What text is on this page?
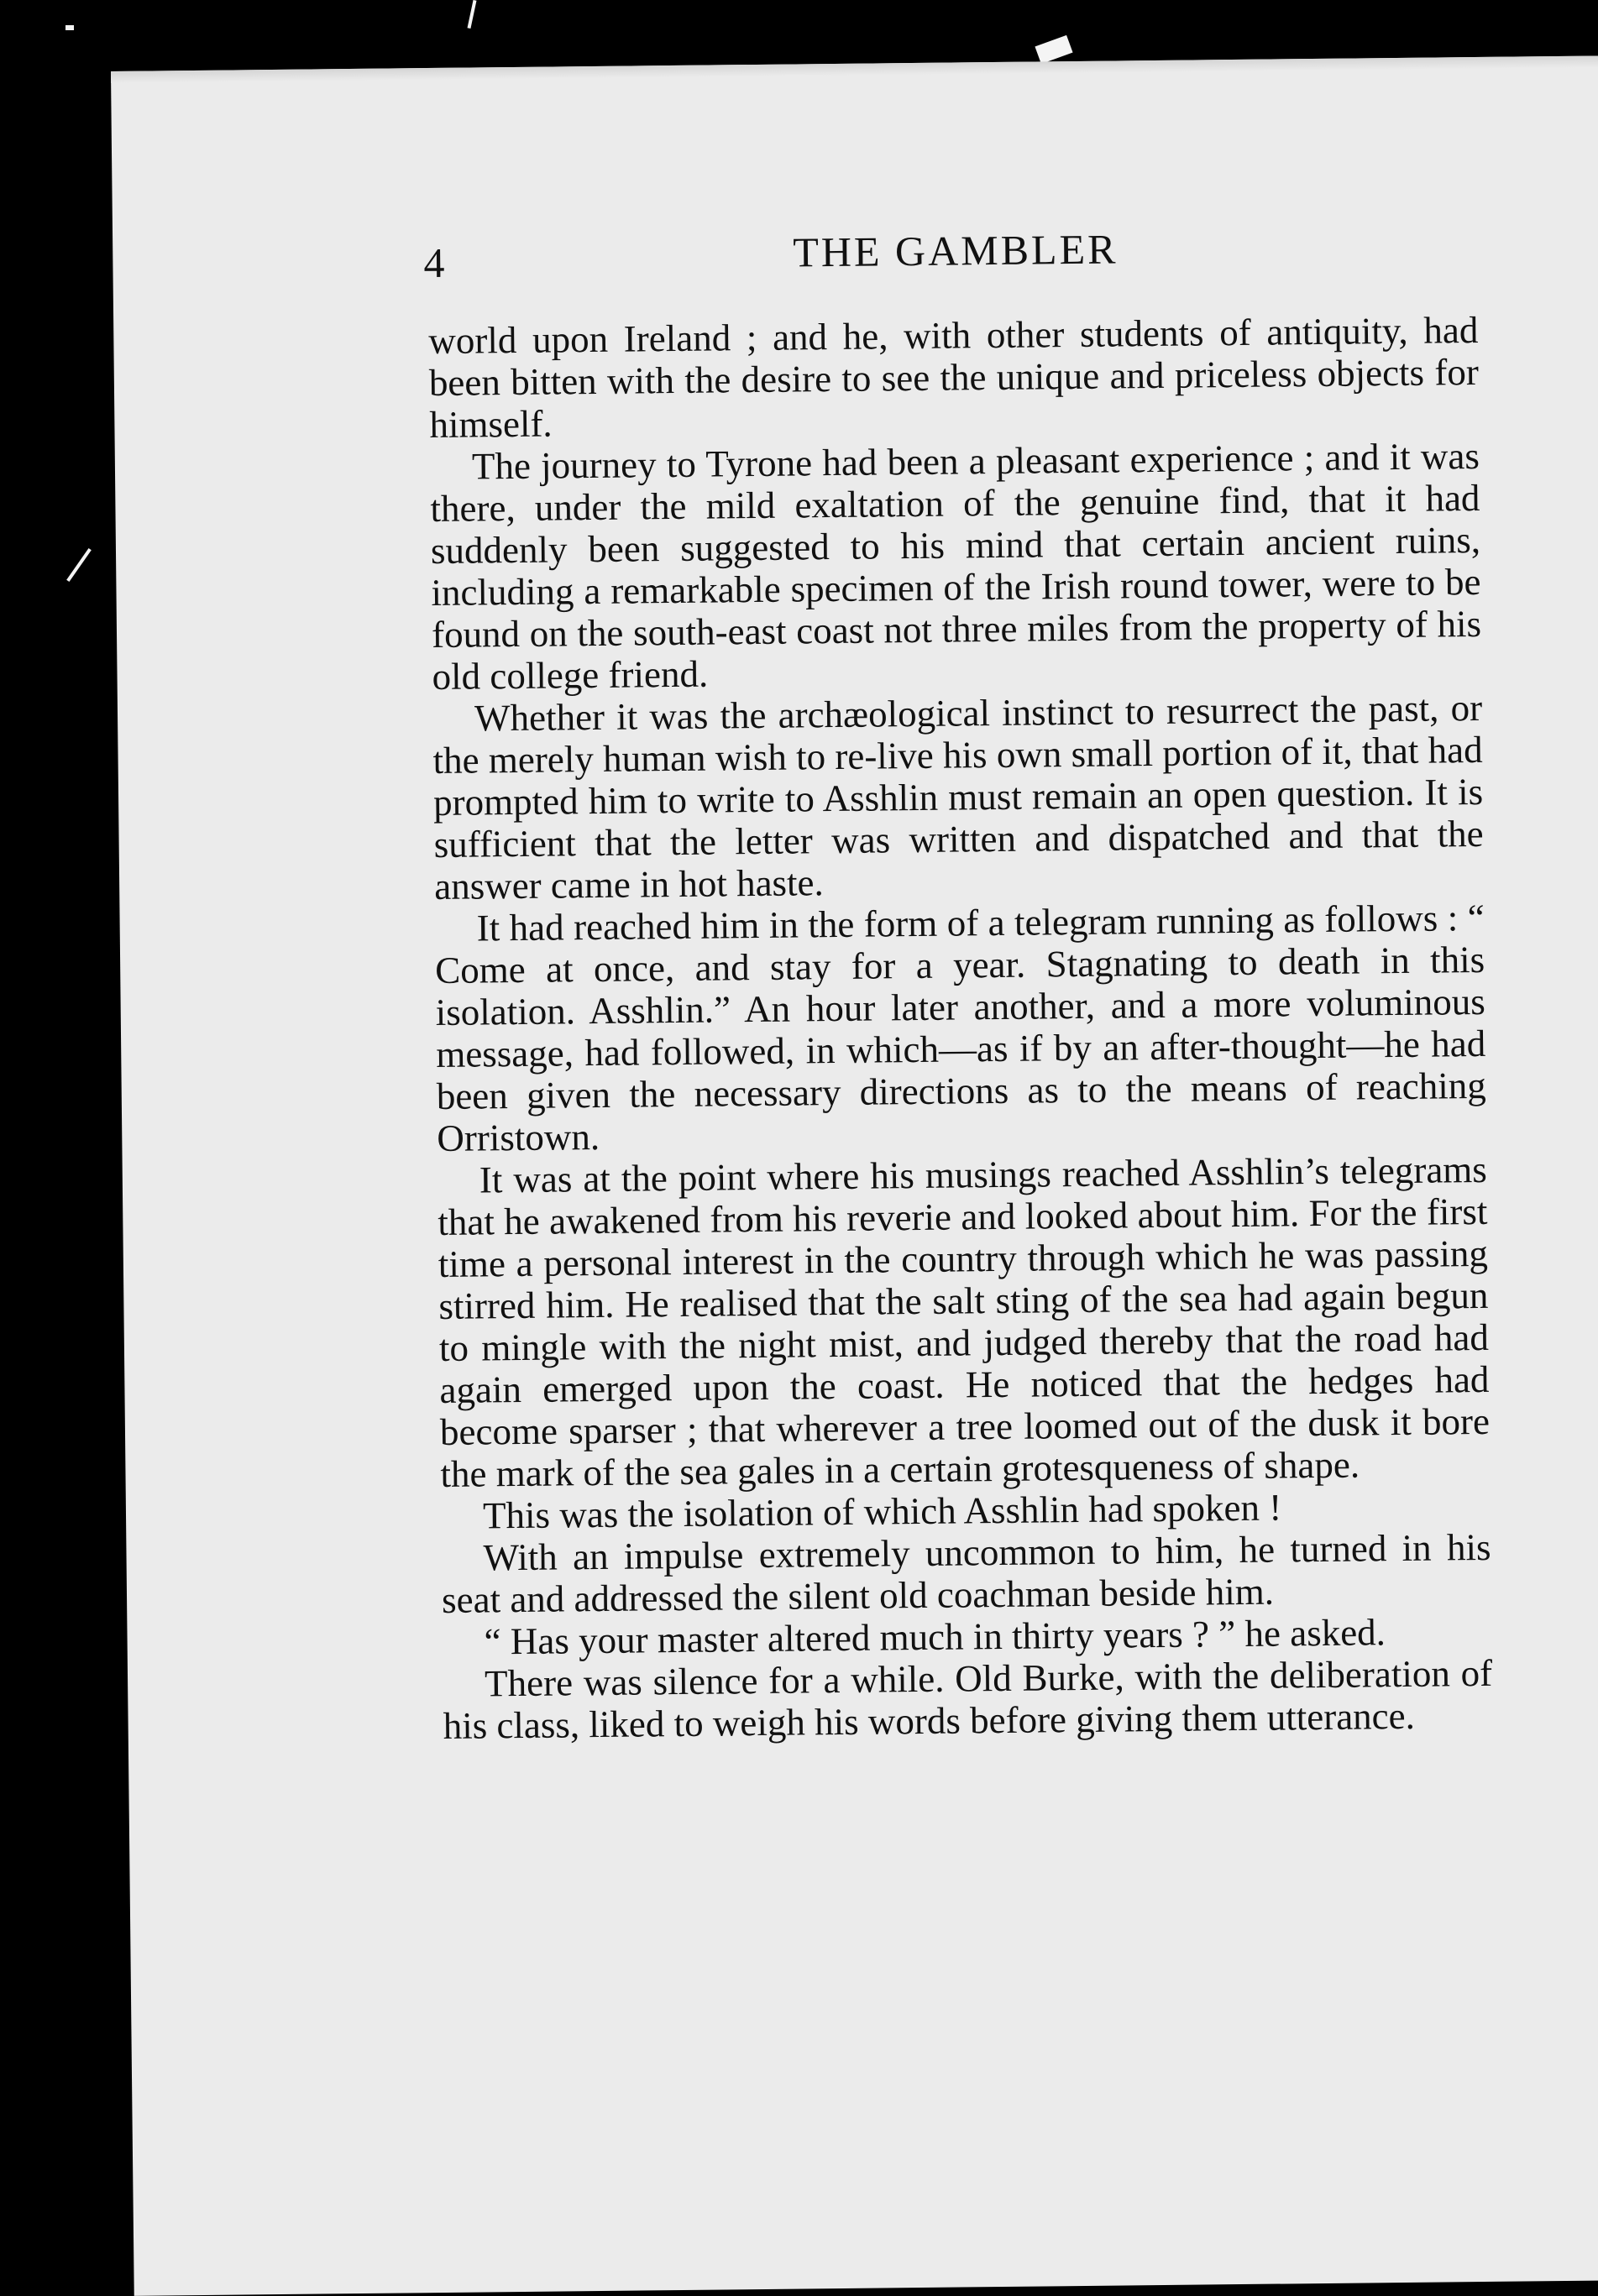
4	THE GAMBLER

world upon Ireland ; and he, with other students of antiquity, had been bitten with the desire to see the unique and priceless objects for himself.

The journey to Tyrone had been a pleasant experience ; and it was there, under the mild exaltation of the genuine find, that it had suddenly been suggested to his mind that certain ancient ruins, including a remarkable specimen of the Irish round tower, were to be found on the south-east coast not three miles from the property of his old college friend.

Whether it was the archæological instinct to resurrect the past, or the merely human wish to re-live his own small portion of it, that had prompted him to write to Asshlin must remain an open question. It is sufficient that the letter was written and dispatched and that the answer came in hot haste.

It had reached him in the form of a telegram running as follows : “ Come at once, and stay for a year. Stagnating to death in this isolation. Asshlin.” An hour later another, and a more voluminous message, had followed, in which—as if by an after-thought—he had been given the necessary directions as to the means of reaching Orristown.

It was at the point where his musings reached Asshlin’s telegrams that he awakened from his reverie and looked about him. For the first time a personal interest in the country through which he was passing stirred him. He realised that the salt sting of the sea had again begun to mingle with the night mist, and judged thereby that the road had again emerged upon the coast. He noticed that the hedges had become sparser ; that wherever a tree loomed out of the dusk it bore the mark of the sea gales in a certain grotesqueness of shape.

This was the isolation of which Asshlin had spoken !

With an impulse extremely uncommon to him, he turned in his seat and addressed the silent old coachman beside him.

“ Has your master altered much in thirty years ? ” he asked.

There was silence for a while. Old Burke, with the deliberation of his class, liked to weigh his words before giving them utterance.
